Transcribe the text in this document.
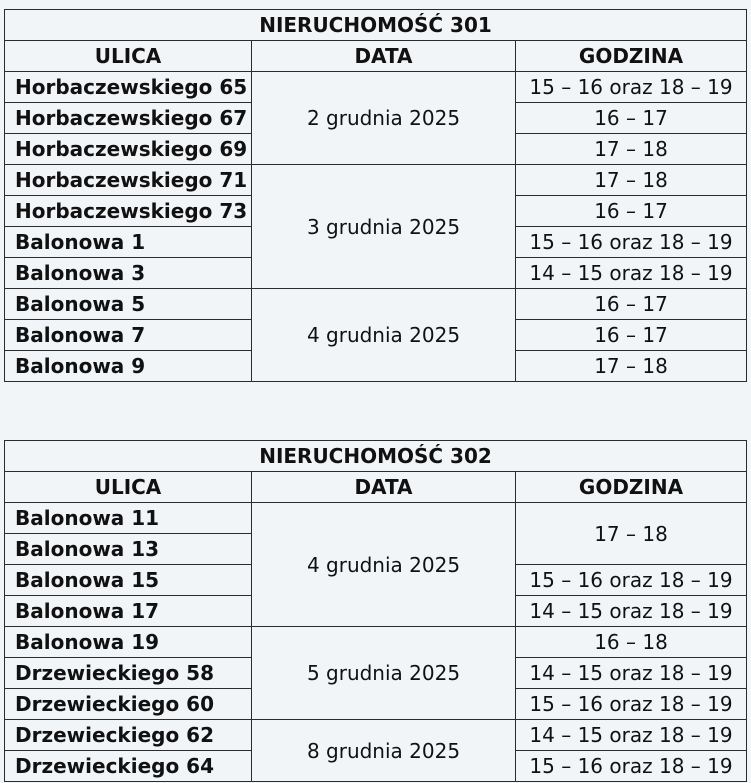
NIERUCHOMOŚĆ 301		
ULICA	DATA	GODZINA
Horbaczewskiego 65	2 grudnia 2025	15 – 16 oraz 18 – 19
Horbaczewskiego 67		16 – 17
Horbaczewskiego 69		17 – 18
Horbaczewskiego 71	3 grudnia 2025	17 – 18
Horbaczewskiego 73		16 – 17
Balonowa 1		15 – 16 oraz 18 – 19
Balonowa 3		14 – 15 oraz 18 – 19
Balonowa 5	4 grudnia 2025	16 – 17
Balonowa 7		16 – 17
Balonowa 9		17 – 18
NIERUCHOMOŚĆ 302		
ULICA	DATA	GODZINA
Balonowa 11	4 grudnia 2025	17 – 18
Balonowa 13		
Balonowa 15		15 – 16 oraz 18 – 19
Balonowa 17		14 – 15 oraz 18 – 19
Balonowa 19	5 grudnia 2025	16 – 18
Drzewieckiego 58		14 – 15 oraz 18 – 19
Drzewieckiego 60		15 – 16 oraz 18 – 19
Drzewieckiego 62	8 grudnia 2025	14 – 15 oraz 18 – 19
Drzewieckiego 64		15 – 16 oraz 18 – 19
